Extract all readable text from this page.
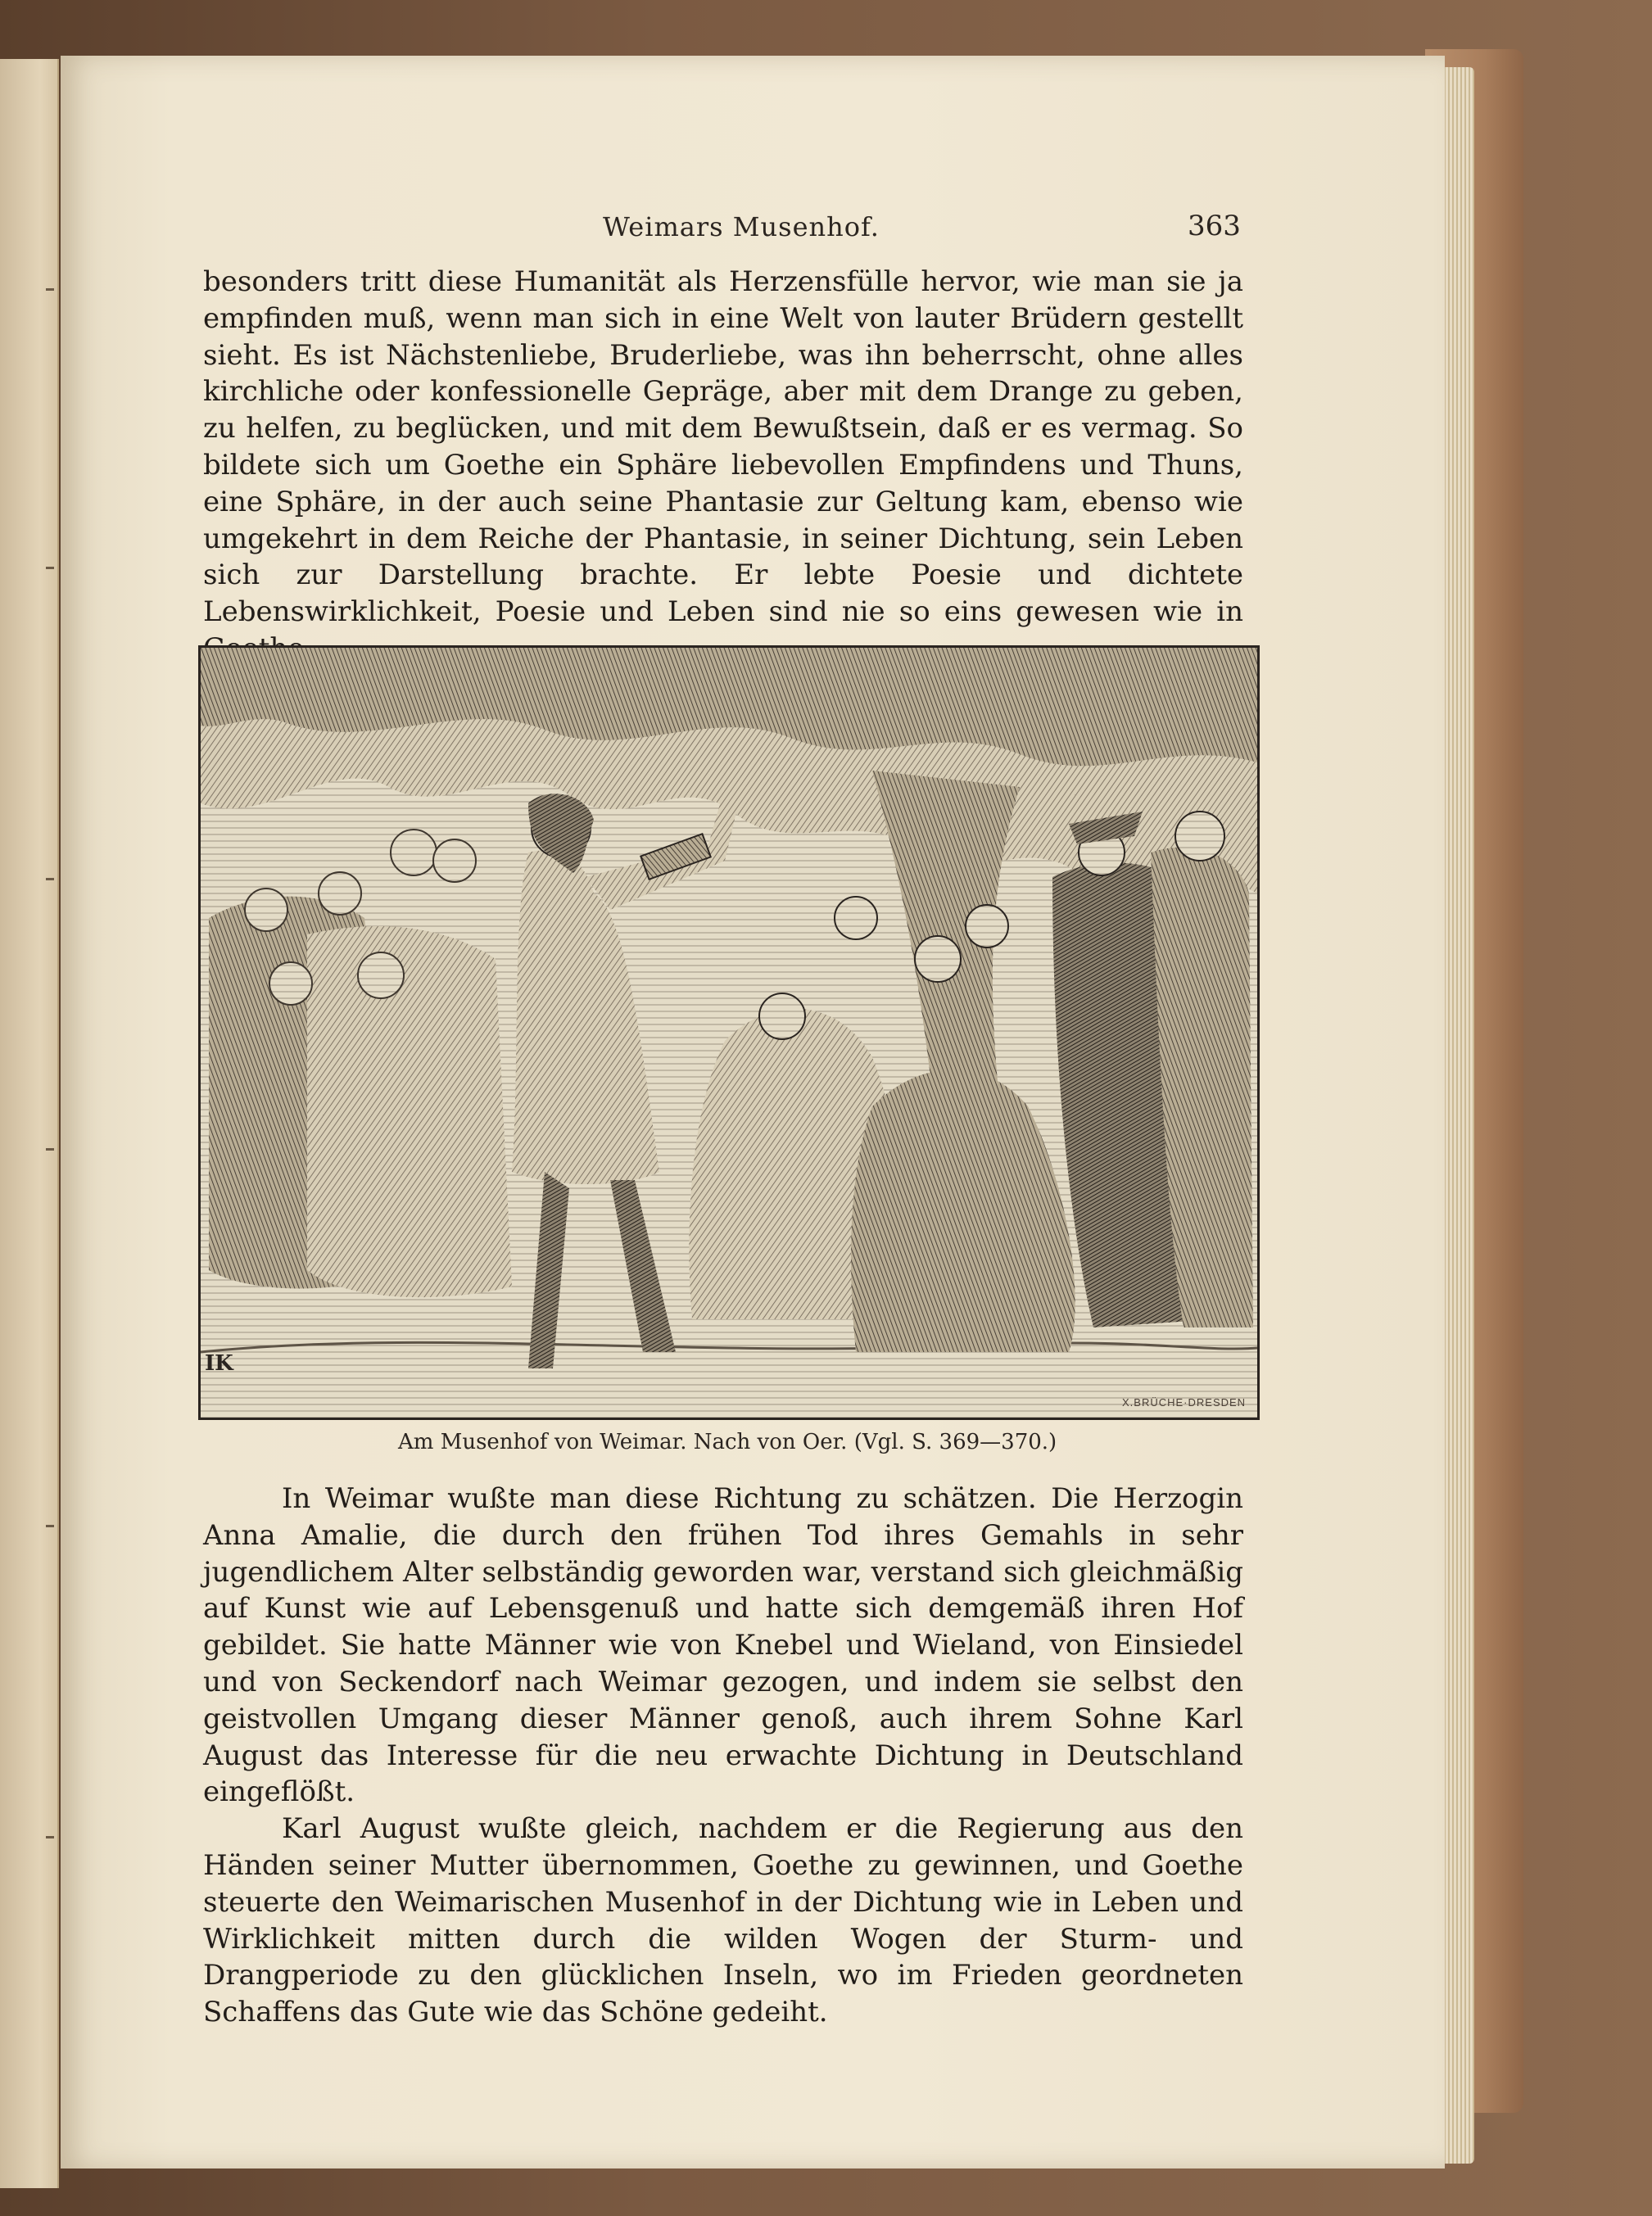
Weimars Musenhof.	363

besonders tritt diese Humanität als Herzensfülle hervor, wie man sie ja empfinden muß, wenn man sich in eine Welt von lauter Brüdern gestellt sieht. Es ist Nächstenliebe, Bruderliebe, was ihn beherrscht, ohne alles kirchliche oder konfessionelle Gepräge, aber mit dem Drange zu geben, zu helfen, zu beglücken, und mit dem Bewußtsein, daß er es vermag. So bildete sich um Goethe ein Sphäre liebevollen Empfindens und Thuns, eine Sphäre, in der auch seine Phantasie zur Geltung kam, ebenso wie umgekehrt in dem Reiche der Phantasie, in seiner Dichtung, sein Leben sich zur Darstellung brachte. Er lebte Poesie und dichtete Lebenswirklichkeit, Poesie und Leben sind nie so eins gewesen wie in

IK
X.BRÜCHE·DRESDEN
Am Musenhof von Weimar. Nach von Oer. (Vgl. S. 369—370.)

In Weimar wußte man diese Richtung zu schätzen. Die Herzogin Anna Amalie, die durch den frühen Tod ihres Gemahls in sehr jugendlichem Alter selbständig geworden war, verstand sich gleichmäßig auf Kunst wie auf Lebensgenuß und hatte sich demgemäß ihren Hof gebildet. Sie hatte Männer wie von Knebel und Wieland, von Einsiedel und von Seckendorf nach Weimar gezogen, und indem sie selbst den geistvollen Umgang dieser Männer genoß, auch ihrem Sohne Karl August das Interesse für die neu erwachte Dichtung in Deutschland eingeflößt.

Karl August wußte gleich, nachdem er die Regierung aus den Händen seiner Mutter übernommen, Goethe zu gewinnen, und Goethe steuerte den Weimarischen Musenhof in der Dichtung wie in Leben und Wirklichkeit mitten durch die wilden Wogen der Sturm- und Drangperiode zu den glücklichen Inseln, wo im Frieden geordneten Schaffens das Gute wie das Schöne gedeiht.
